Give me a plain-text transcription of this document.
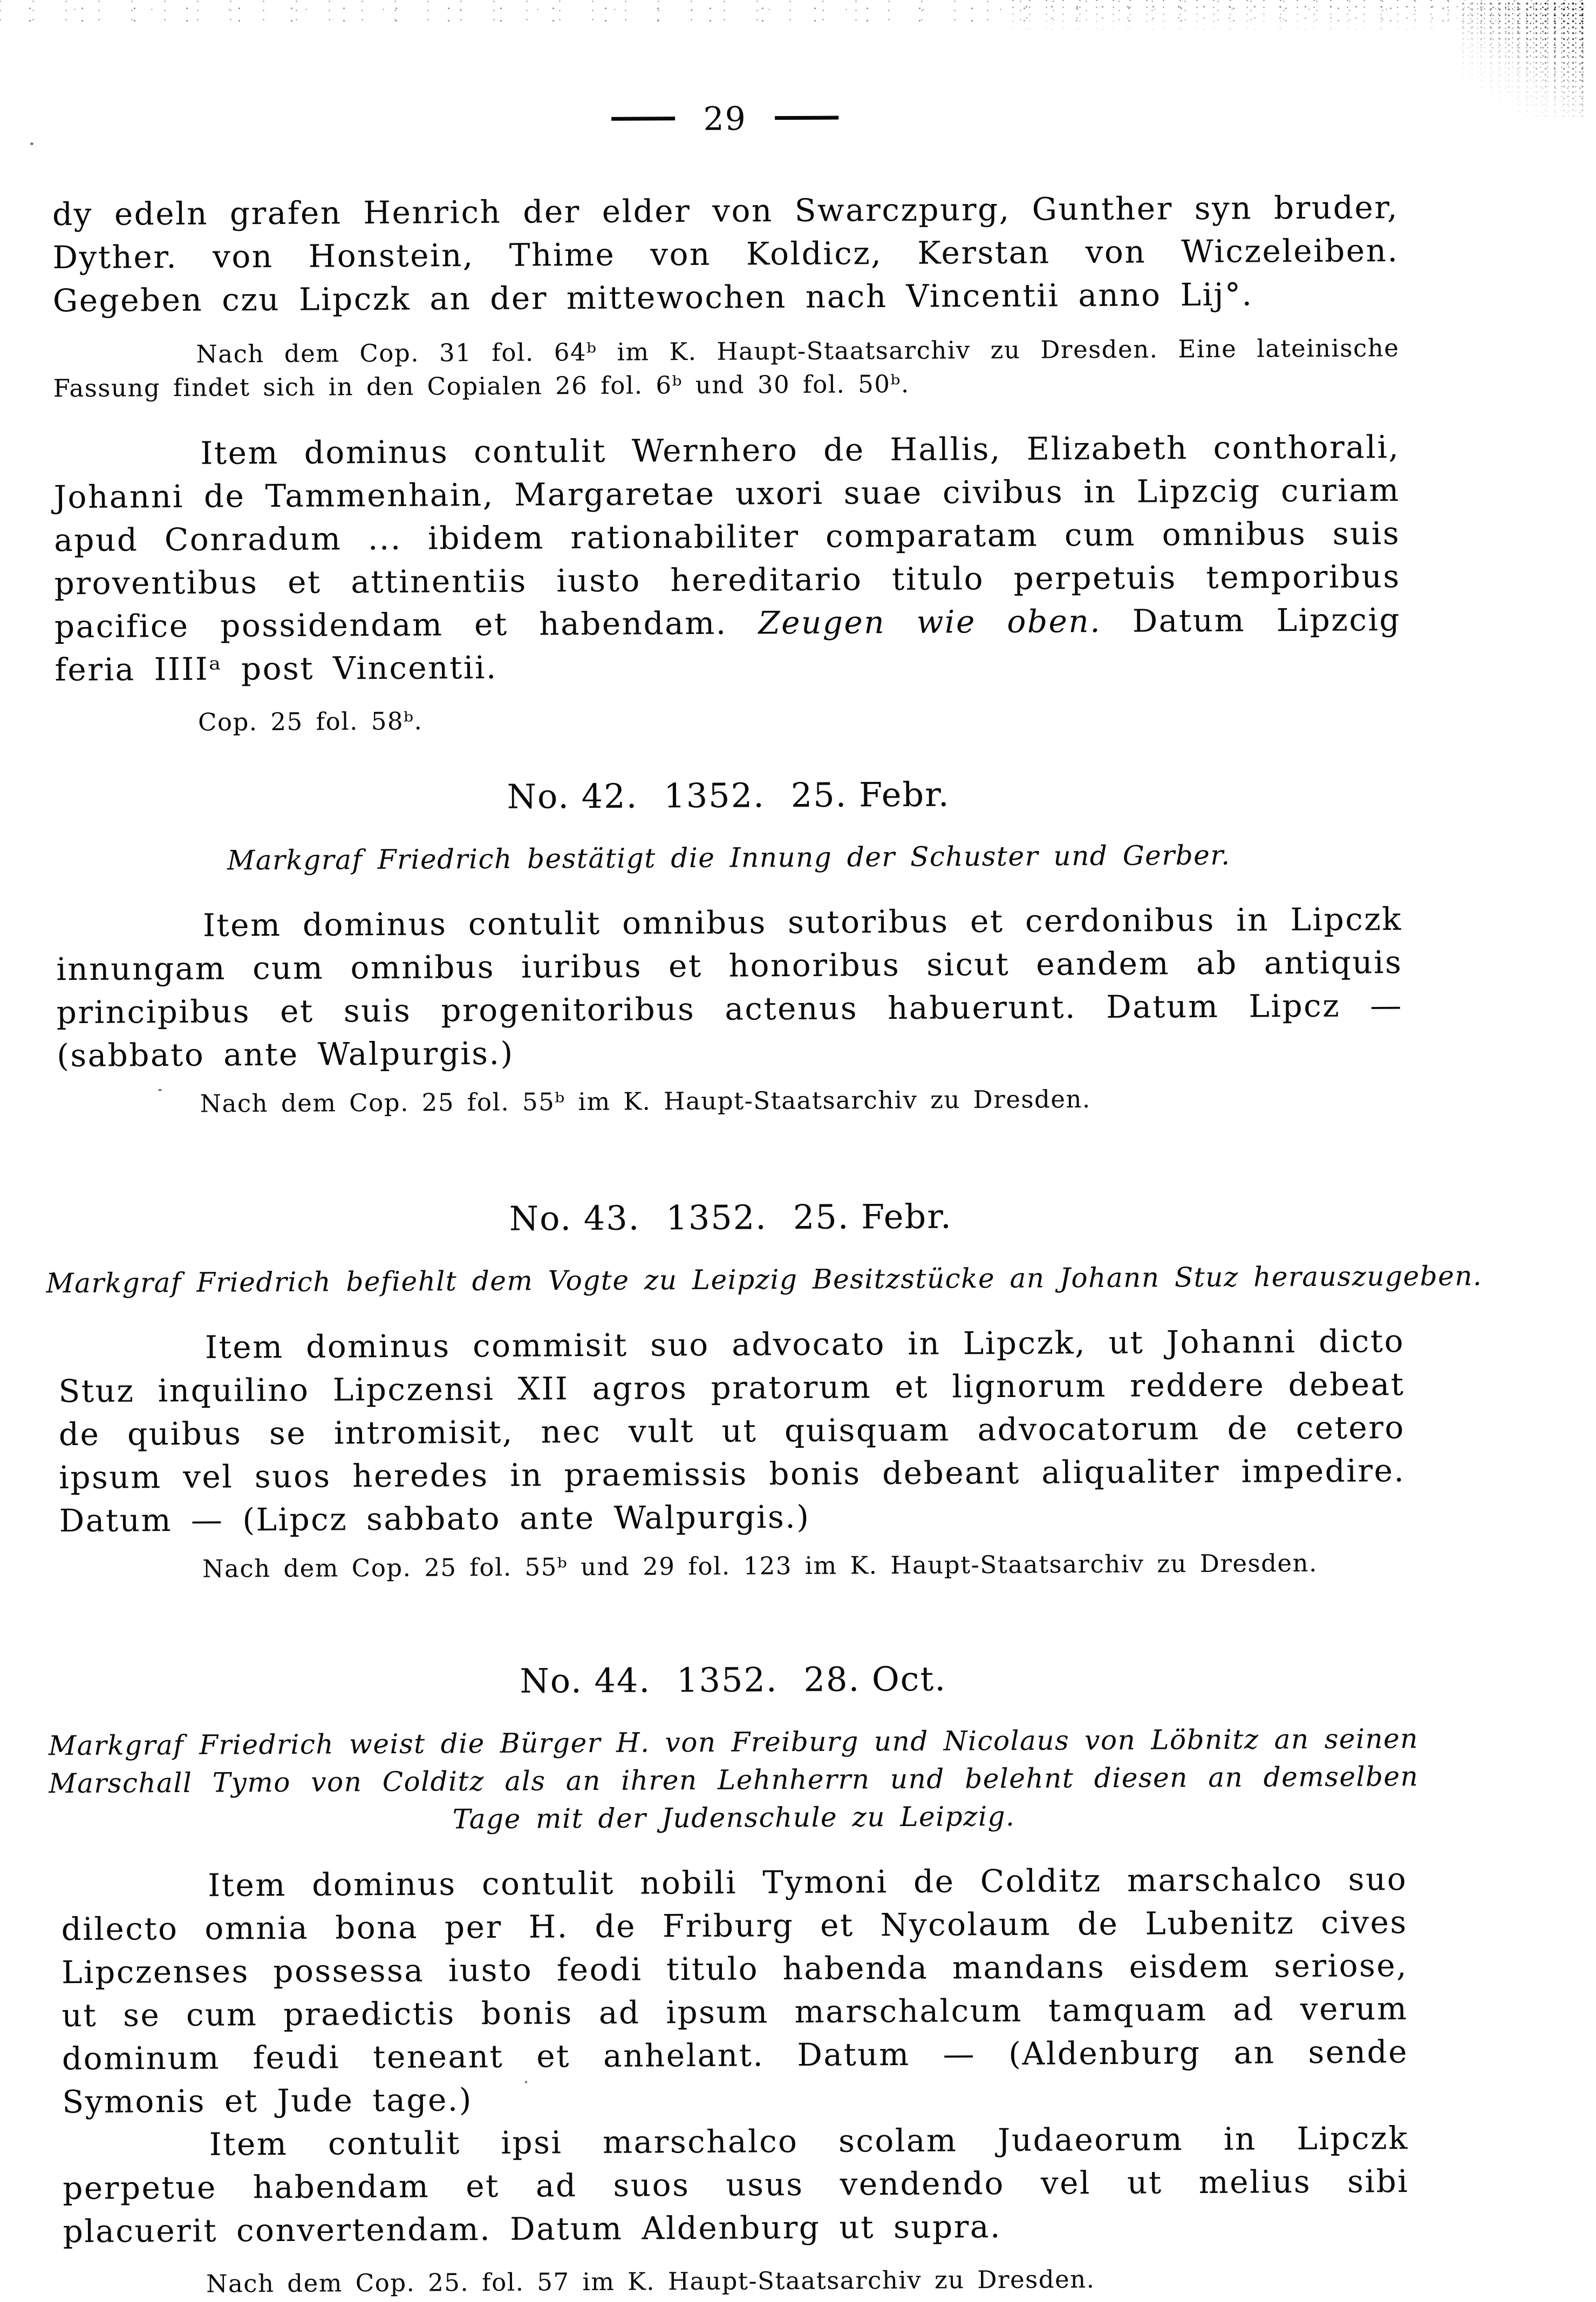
29

dy edeln grafen Henrich der elder von Swarczpurg, Gunther syn bruder, Dyther. von Honstein, Thime von Koldicz, Kerstan von Wiczeleiben. Gegeben czu Lipczk an der mittewochen nach Vincentii anno Lij°.

Nach dem Cop. 31 fol. 64ᵇ im K. Haupt-Staatsarchiv zu Dresden. Eine lateinische Fassung findet sich in den Copialen 26 fol. 6ᵇ und 30 fol. 50ᵇ.

Item dominus contulit Wernhero de Hallis, Elizabeth conthorali, Johanni de Tammenhain, Margaretae uxori suae civibus in Lipzcig curiam apud Conradum ... ibidem rationabiliter comparatam cum omnibus suis proventibus et attinentiis iusto hereditario titulo perpetuis temporibus pacifice possidendam et habendam. Zeugen wie oben. Datum Lipzcig feria IIIIᵃ post Vincentii.

Cop. 25 fol. 58ᵇ.

No. 42. 1352. 25. Febr.

Markgraf Friedrich bestätigt die Innung der Schuster und Gerber.

Item dominus contulit omnibus sutoribus et cerdonibus in Lipczk innungam cum omnibus iuribus et honoribus sicut eandem ab antiquis principibus et suis progenitoribus actenus habuerunt. Datum Lipcz — (sabbato ante Walpurgis.)

Nach dem Cop. 25 fol. 55ᵇ im K. Haupt-Staatsarchiv zu Dresden.

No. 43. 1352. 25. Febr.

Markgraf Friedrich befiehlt dem Vogte zu Leipzig Besitzstücke an Johann Stuz herauszugeben.

Item dominus commisit suo advocato in Lipczk, ut Johanni dicto Stuz inquilino Lipczensi XII agros pratorum et lignorum reddere debeat de quibus se intromisit, nec vult ut quisquam advocatorum de cetero ipsum vel suos heredes in praemissis bonis debeant aliqualiter impedire. Datum — (Lipcz sabbato ante Walpurgis.)

Nach dem Cop. 25 fol. 55ᵇ und 29 fol. 123 im K. Haupt-Staatsarchiv zu Dresden.

No. 44. 1352. 28. Oct.

Markgraf Friedrich weist die Bürger H. von Freiburg und Nicolaus von Löbnitz an seinen Marschall Tymo von Colditz als an ihren Lehnherrn und belehnt diesen an demselben Tage mit der Judenschule zu Leipzig.

Item dominus contulit nobili Tymoni de Colditz marschalco suo dilecto omnia bona per H. de Friburg et Nycolaum de Lubenitz cives Lipczenses possessa iusto feodi titulo habenda mandans eisdem seriose, ut se cum praedictis bonis ad ipsum marschalcum tamquam ad verum dominum feudi teneant et anhelant. Datum — (Aldenburg an sende Symonis et Jude tage.)

Item contulit ipsi marschalco scolam Judaeorum in Lipczk perpetue habendam et ad suos usus vendendo vel ut melius sibi placuerit convertendam. Datum Aldenburg ut supra.

Nach dem Cop. 25. fol. 57 im K. Haupt-Staatsarchiv zu Dresden.
